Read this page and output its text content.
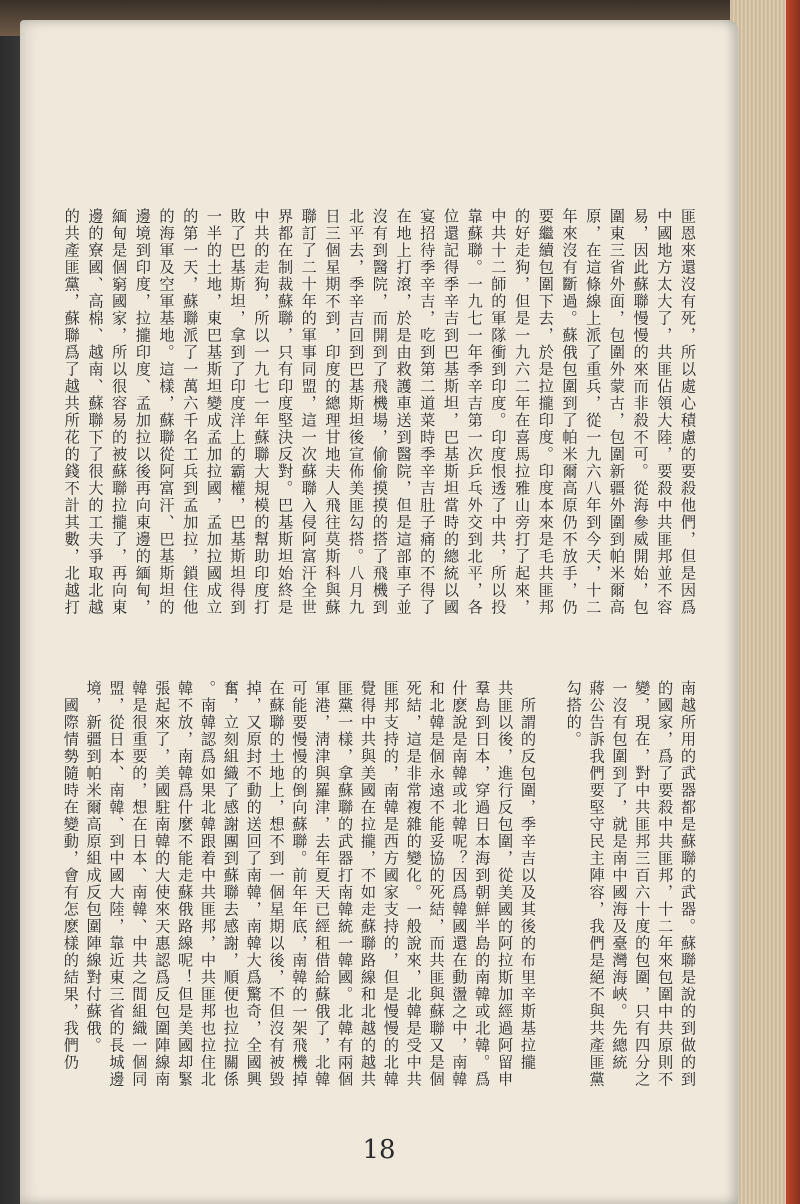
匪恩來還沒有死，所以處心積慮的要殺他們，但是因爲
中國地方太大了，共匪佔領大陸，要殺中共匪邦並不容
易，因此蘇聯慢慢的來而非殺不可。從海參威開始，包
圍東三省外面，包圍外蒙古，包圍新疆外圍到帕米爾高
原，在這條線上派了重兵，從一九六八年到今天，十二
年來沒有斷過。蘇俄包圍到了帕米爾高原仍不放手，仍
要繼續包圍下去，於是拉攏印度。印度本來是毛共匪邦
的好走狗，但是一九六二年在喜馬拉雅山旁打了起來，
中共十二師的軍隊衝到印度。印度恨透了中共，所以投
靠蘇聯。一九七一年季辛吉第一次乒乓外交到北平，各
位還記得季辛吉到巴基斯坦，巴基斯坦當時的總統以國
宴招待季辛吉，吃到第二道菜時季辛吉肚子痛的不得了
在地上打滾，於是由救護車送到醫院，但是這部車子並
沒有到醫院，而開到了飛機場，偷偷摸摸的搭了飛機到
北平去，季辛吉回到巴基斯坦後宣佈美匪勾搭。八月九
日三個星期不到，印度的總理甘地夫人飛往莫斯科與蘇
聯訂了二十年的軍事同盟，這一次蘇聯入侵阿富汗全世
界都在制裁蘇聯，只有印度堅決反對。巴基斯坦始終是
中共的走狗，所以一九七一年蘇聯大規模的幫助印度打
敗了巴基斯坦，拿到了印度洋上的霸權，巴基斯坦得到
一半的土地，東巴基斯坦變成孟加拉國，孟加拉國成立
的第一天，蘇聯派了一萬六千名工兵到孟加拉，鎖住他
的海軍及空軍基地。這樣，蘇聯從阿富汗、巴基斯坦的
邊境到印度，拉攏印度、孟加拉以後再向東邊的緬甸，
緬甸是個窮國家，所以很容易的被蘇聯拉攏了，再向東
邊的寮國、高棉、越南、蘇聯下了很大的工夫爭取北越
的共產匪黨，蘇聯爲了越共所花的錢不計其數，北越打
南越所用的武器都是蘇聯的武器。蘇聯是說的到做的到
的國家，爲了要殺中共匪邦，十二年來包圍中共原則不
變，現在，對中共匪邦三百六十度的包圍，只有四分之
一沒有包圍到了，就是南中國海及臺灣海峽。先總統
蔣公告訴我們要堅守民主陣容，我們是絕不與共產匪黨
勾搭的。
　所謂的反包圍，季辛吉以及其後的布里辛斯基拉攏
共匪以後，進行反包圍，從美國的阿拉斯加經過阿留申
羣島到日本，穿過日本海到朝鮮半島的南韓或北韓。爲
什麽說是南韓或北韓呢？因爲韓國還在動盪之中，南韓
和北韓是個永遠不能妥協的死結，而共匪與蘇聯又是個
死結，這是非常複雜的變化。一般說來，北韓是受中共
匪邦支持的，南韓是西方國家支持的，但是慢慢的北韓
覺得中共與美國在拉攏，不如走蘇聯路線和北越的越共
匪黨一樣，拿蘇聯的武器打南韓統一韓國。北韓有兩個
軍港，淸津與羅津，去年夏天已經租借給蘇俄了，北韓
可能要慢慢的倒向蘇聯。前年年底，南韓的一架飛機掉
在蘇聯的土地上，想不到一個星期以後，不但沒有被毀
掉，又原封不動的送回了南韓，南韓大爲驚奇，全國興
奮，立刻組織了感謝團到蘇聯去感謝，順便也拉拉關係
。南韓認爲如果北韓跟着中共匪邦，中共匪邦也拉住北
韓不放，南韓爲什麼不能走蘇俄路線呢！但是美國却緊
張起來了，美國駐南韓的大使來天惠認爲反包圍陣線南
韓是很重要的，想在日本、南韓、中共之間組織一個同
盟，從日本、南韓、到中國大陸，靠近東三省的長城邊
境，新疆到帕米爾高原組成反包圍陣線對付蘇俄。
　國際情勢隨時在變動，會有怎麽樣的結果，我們仍
18
